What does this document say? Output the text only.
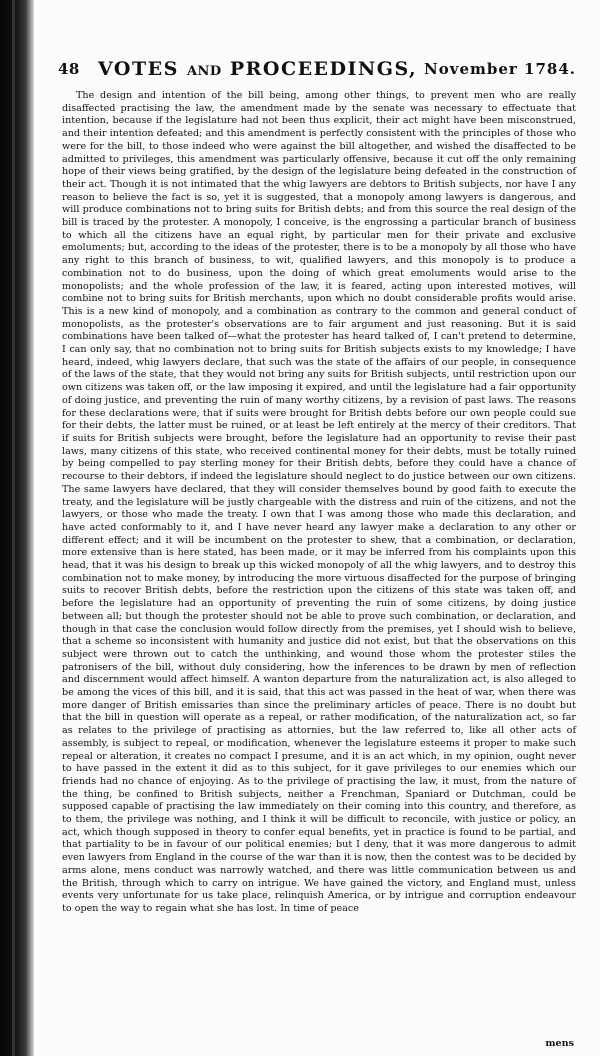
48 VOTES AND PROCEEDINGS, November 1784.

The design and intention of the bill being, among other things, to prevent men who are really disaffected practising the law, the amendment made by the senate was necessary to effectuate that intention, because if the legislature had not been thus explicit, their act might have been misconstrued, and their intention defeated; and this amendment is perfectly consistent with the principles of those who were for the bill, to those indeed who were against the bill altogether, and wished the disaffected to be admitted to privileges, this amendment was particularly offensive, because it cut off the only remaining hope of their views being gratified, by the design of the legislature being defeated in the construction of their act. Though it is not intimated that the whig lawyers are debtors to British subjects, nor have I any reason to believe the fact is so, yet it is suggested, that a monopoly among lawyers is dangerous, and will produce combinations not to bring suits for British debts; and from this source the real design of the bill is traced by the protester. A monopoly, I conceive, is the engrossing a particular branch of business to which all the citizens have an equal right, by particular men for their private and exclusive emoluments; but, according to the ideas of the protester, there is to be a monopoly by all those who have any right to this branch of business, to wit, qualified lawyers, and this monopoly is to produce a combination not to do business, upon the doing of which great emoluments would arise to the monopolists; and the whole profession of the law, it is feared, acting upon interested motives, will combine not to bring suits for British merchants, upon which no doubt considerable profits would arise. This is a new kind of monopoly, and a combination as contrary to the common and general conduct of monopolists, as the protester's observations are to fair argument and just reasoning. But it is said combinations have been talked of—what the protester has heard talked of, I can't pretend to determine, I can only say, that no combination not to bring suits for British subjects exists to my knowledge; I have heard, indeed, whig lawyers declare, that such was the state of the affairs of our people, in consequence of the laws of the state, that they would not bring any suits for British subjects, until restriction upon our own citizens was taken off, or the law imposing it expired, and until the legislature had a fair opportunity of doing justice, and preventing the ruin of many worthy citizens, by a revision of past laws. The reasons for these declarations were, that if suits were brought for British debts before our own people could sue for their debts, the latter must be ruined, or at least be left entirely at the mercy of their creditors. That if suits for British subjects were brought, before the legislature had an opportunity to revise their past laws, many citizens of this state, who received continental money for their debts, must be totally ruined by being compelled to pay sterling money for their British debts, before they could have a chance of recourse to their debtors, if indeed the legislature should neglect to do justice between our own citizens. The same lawyers have declared, that they will consider themselves bound by good faith to execute the treaty, and the legislature will be justly chargeable with the distress and ruin of the citizens, and not the lawyers, or those who made the treaty. I own that I was among those who made this declaration, and have acted conformably to it, and I have never heard any lawyer make a declaration to any other or different effect; and it will be incumbent on the protester to shew, that a combination, or declaration, more extensive than is here stated, has been made, or it may be inferred from his complaints upon this head, that it was his design to break up this wicked monopoly of all the whig lawyers, and to destroy this combination not to make money, by introducing the more virtuous disaffected for the purpose of bringing suits to recover British debts, before the restriction upon the citizens of this state was taken off, and before the legislature had an opportunity of preventing the ruin of some citizens, by doing justice between all; but though the protester should not be able to prove such combination, or declaration, and though in that case the conclusion would follow directly from the premises, yet I should wish to believe, that a scheme so inconsistent with humanity and justice did not exist, but that the observations on this subject were thrown out to catch the unthinking, and wound those whom the protester stiles the patronisers of the bill, without duly considering, how the inferences to be drawn by men of reflection and discernment would affect himself. A wanton departure from the naturalization act, is also alleged to be among the vices of this bill, and it is said, that this act was passed in the heat of war, when there was more danger of British emissaries than since the preliminary articles of peace. There is no doubt but that the bill in question will operate as a repeal, or rather modification, of the naturalization act, so far as relates to the privilege of practising as attornies, but the law referred to, like all other acts of assembly, is subject to repeal, or modification, whenever the legislature esteems it proper to make such repeal or alteration, it creates no compact I presume, and it is an act which, in my opinion, ought never to have passed in the extent it did as to this subject, for it gave privileges to our enemies which our friends had no chance of enjoying. As to the privilege of practising the law, it must, from the nature of the thing, be confined to British subjects, neither a Frenchman, Spaniard or Dutchman, could be supposed capable of practising the law immediately on their coming into this country, and therefore, as to them, the privilege was nothing, and I think it will be difficult to reconcile, with justice or policy, an act, which though supposed in theory to confer equal benefits, yet in practice is found to be partial, and that partiality to be in favour of our political enemies; but I deny, that it was more dangerous to admit even lawyers from England in the course of the war than it is now, then the contest was to be decided by arms alone, mens conduct was narrowly watched, and there was little communication between us and the British, through which to carry on intrigue. We have gained the victory, and England must, unless events very unfortunate for us take place, relinquish America, or by intrigue and corruption endeavour to open the way to regain what she has lost. In time of peace

mens
